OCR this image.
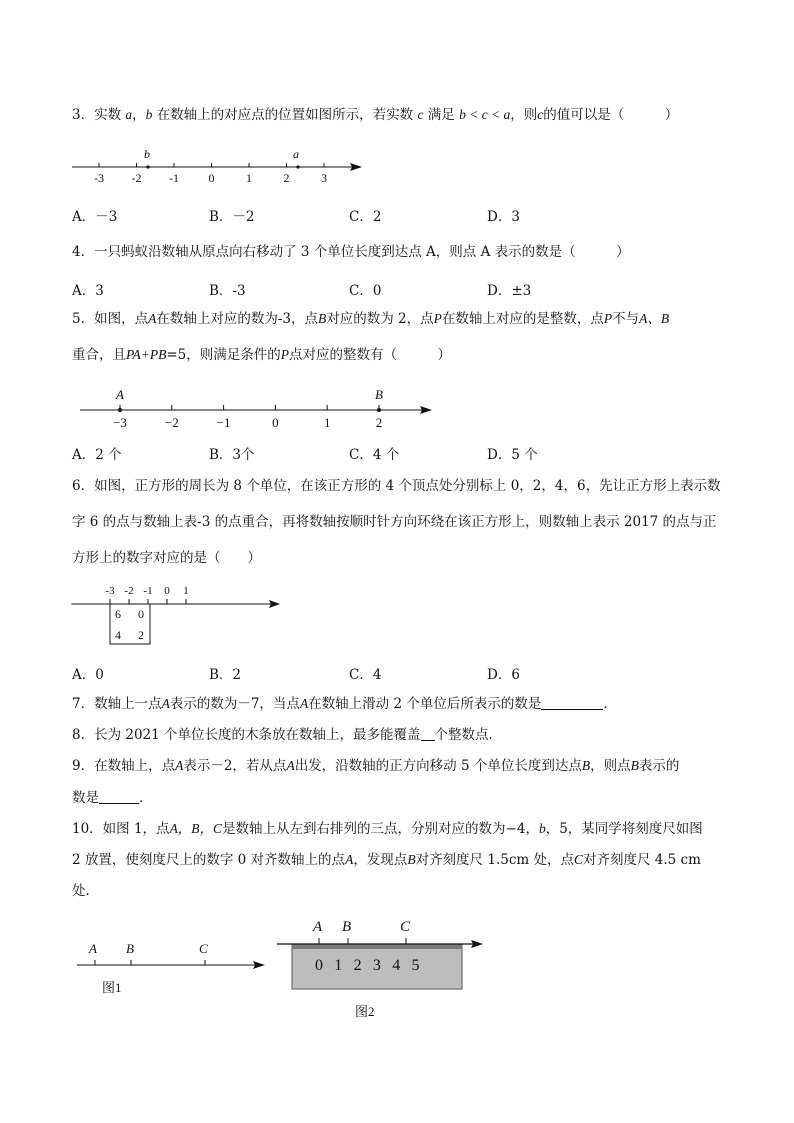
3．实数 a，b 在数轴上的对应点的位置如图所示，若实数 c 满足 b < c < a，则c的值可以是（　　　）
-3 -2 -1 0	1	2	3
b	a
A．－3	B．－2	C．2	D．3
4．一只蚂蚁沿数轴从原点向右移动了 3 个单位长度到达点 A，则点 A 表示的数是（　　　）
A．3	B．-3	C．0	D．±3
5．如图，点A在数轴上对应的数为-3，点B对应的数为 2，点P在数轴上对应的是整数，点P不与A、B
重合，且PA+PB=5，则满足条件的P点对应的整数有（　　　）
−3	−2	−1	0	1	2
A	B
A．2 个	B．3个	C．4 个	D．5 个
6．如图，正方形的周长为 8 个单位，在该正方形的 4 个顶点处分别标上 0，2，4，6，先让正方形上表示数
字 6 的点与数轴上表-3 的点重合，再将数轴按顺时针方向环绕在该正方形上，则数轴上表示 2017 的点与正
方形上的数字对应的是（　　）
-3 -2 -1 0 1
6 0
4 2
A．0	B．2	C．4	D．6
7．数轴上一点A表示的数为－7，当点A在数轴上滑动 2 个单位后所表示的数是	．
8．长为 2021 个单位长度的木条放在数轴上，最多能覆盖 个整数点．
9．在数轴上，点A表示－2，若从点A出发，沿数轴的正方向移动 5 个单位长度到达点B，则点B表示的
数是	．
10．如图 1，点A，B，C是数轴上从左到右排列的三点，分别对应的数为−4，b，5，某同学将刻度尺如图
2 放置，使刻度尺上的数字 0 对齐数轴上的点A，发现点B对齐刻度尺 1.5cm 处，点C对齐刻度尺 4.5 cm
处．
A B	C
图1
A B	C
0 1 2 3 4 5
图2
